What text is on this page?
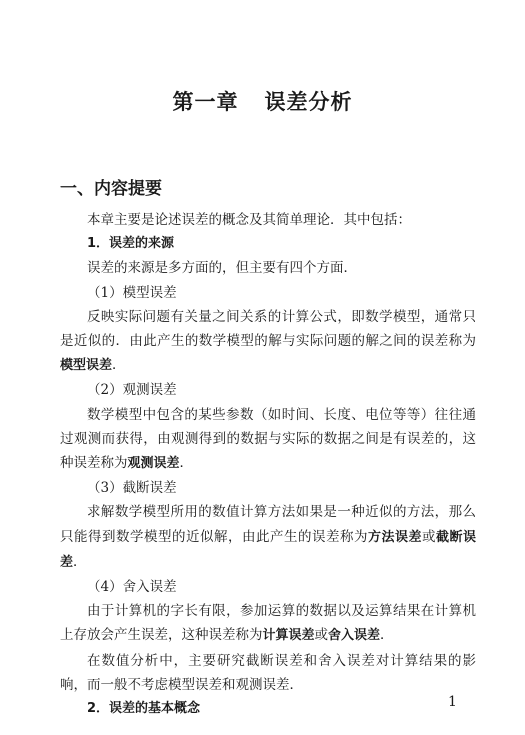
第一章 误差分析
一、内容提要

本章主要是论述误差的概念及其简单理论．其中包括：

1．误差的来源

误差的来源是多方面的，但主要有四个方面．

（1）模型误差

反映实际问题有关量之间关系的计算公式，即数学模型，通常只是近似的．由此产生的数学模型的解与实际问题的解之间的误差称为模型误差．

（2）观测误差

数学模型中包含的某些参数（如时间、长度、电位等等）往往通过观测而获得，由观测得到的数据与实际的数据之间是有误差的，这种误差称为观测误差．

（3）截断误差

求解数学模型所用的数值计算方法如果是一种近似的方法，那么只能得到数学模型的近似解，由此产生的误差称为方法误差或截断误差．

（4）舍入误差

由于计算机的字长有限，参加运算的数据以及运算结果在计算机上存放会产生误差，这种误差称为计算误差或舍入误差．

在数值分析中，主要研究截断误差和舍入误差对计算结果的影响，而一般不考虑模型误差和观测误差．

2．误差的基本概念	1
